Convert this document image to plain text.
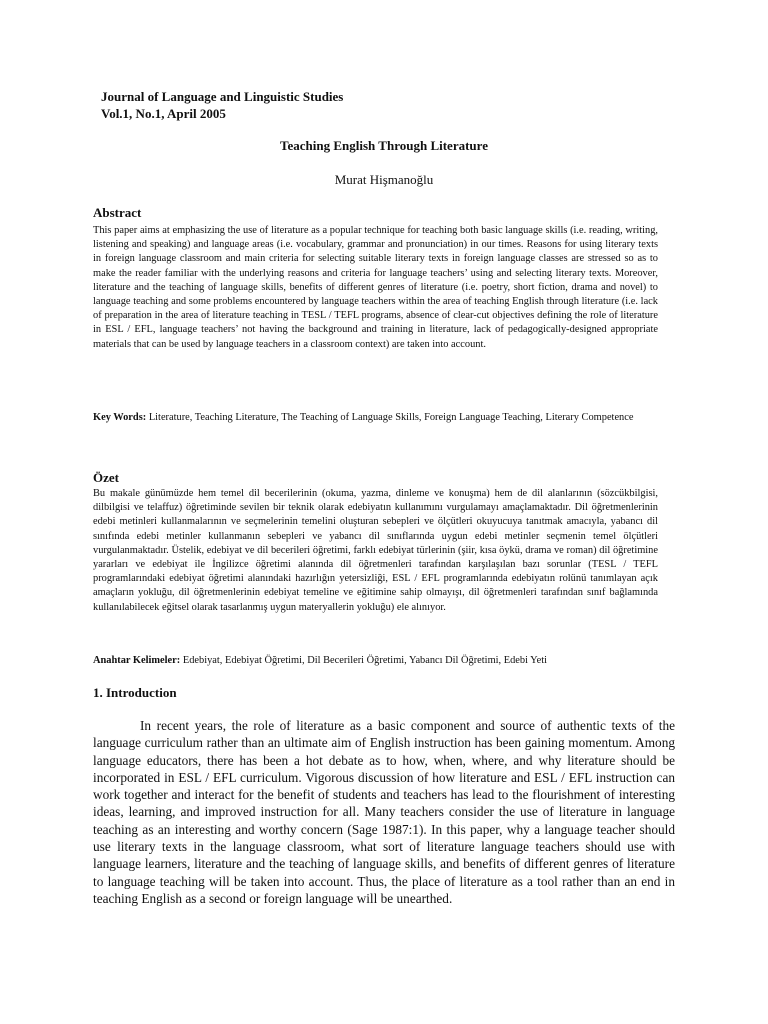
Journal of Language and Linguistic Studies
Vol.1, No.1, April 2005
Teaching English Through Literature
Murat Hişmanoğlu
Abstract
This paper aims at emphasizing the use of literature as a popular technique for teaching both basic language skills (i.e. reading, writing, listening and speaking) and language areas (i.e. vocabulary, grammar and pronunciation) in our times. Reasons for using literary texts in foreign language classroom and main criteria for selecting suitable literary texts in foreign language classes are stressed so as to make the reader familiar with the underlying reasons and criteria for language teachers’ using and selecting literary texts. Moreover, literature and the teaching of language skills, benefits of different genres of literature (i.e. poetry, short fiction, drama and novel) to language teaching and some problems encountered by language teachers within the area of teaching English through literature (i.e. lack of preparation in the area of literature teaching in TESL / TEFL programs, absence of clear-cut objectives defining the role of literature in ESL / EFL, language teachers’ not having the background and training in literature, lack of pedagogically-designed appropriate materials that can be used by language teachers in a classroom context) are taken into account.
Key Words: Literature, Teaching Literature, The Teaching of Language Skills, Foreign Language Teaching, Literary Competence
Özet
Bu makale günümüzde hem temel dil becerilerinin (okuma, yazma, dinleme ve konuşma) hem de dil alanlarının (sözcükbilgisi, dilbilgisi ve telaffuz) öğretiminde sevilen bir teknik olarak edebiyatın kullanımını vurgulamayı amaçlamaktadır. Dil öğretmenlerinin edebi metinleri kullanmalarının ve seçmelerinin temelini oluşturan sebepleri ve ölçütleri okuyucuya tanıtmak amacıyla, yabancı dil sınıfında edebi metinler kullanmanın sebepleri ve yabancı dil sınıflarında uygun edebi metinler seçmenin temel ölçütleri vurgulanmaktadır. Üstelik, edebiyat ve dil becerileri öğretimi, farklı edebiyat türlerinin (şiir, kısa öykü, drama ve roman) dil öğretimine yararları ve edebiyat ile İngilizce öğretimi alanında dil öğretmenleri tarafından karşılaşılan bazı sorunlar (TESL / TEFL programlarındaki edebiyat öğretimi alanındaki hazırlığın yetersizliği, ESL / EFL programlarında edebiyatın rolünü tanımlayan açık amaçların yokluğu, dil öğretmenlerinin edebiyat temeline ve eğitimine sahip olmayışı, dil öğretmenleri tarafından sınıf bağlamında kullanılabilecek eğitsel olarak tasarlanmış uygun materyallerin yokluğu) ele alınıyor.
Anahtar Kelimeler: Edebiyat, Edebiyat Öğretimi, Dil Becerileri Öğretimi, Yabancı Dil Öğretimi, Edebi Yeti
1. Introduction
In recent years, the role of literature as a basic component and source of authentic texts of the language curriculum rather than an ultimate aim of English instruction has been gaining momentum. Among language educators, there has been a hot debate as to how, when, where, and why literature should be incorporated in ESL / EFL curriculum. Vigorous discussion of how literature and ESL / EFL instruction can work together and interact for the benefit of students and teachers has lead to the flourishment of interesting ideas, learning, and improved instruction for all. Many teachers consider the use of literature in language teaching as an interesting and worthy concern (Sage 1987:1). In this paper, why a language teacher should use literary texts in the language classroom, what sort of literature language teachers should use with language learners, literature and the teaching of language skills, and benefits of different genres of literature to language teaching will be taken into account. Thus, the place of literature as a tool rather than an end in teaching English as a second or foreign language will be unearthed.
